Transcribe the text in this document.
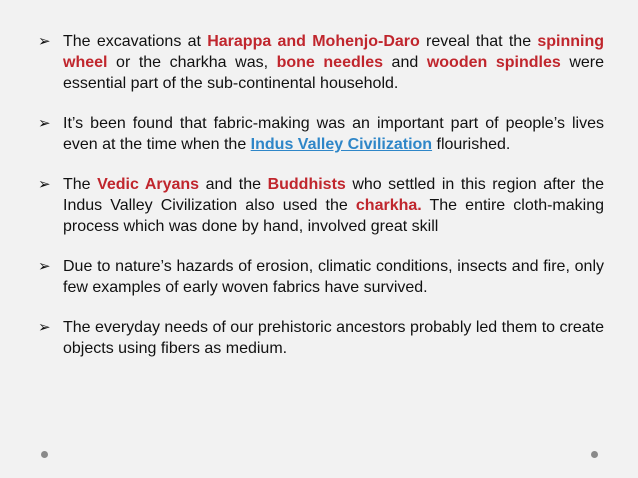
➢ The excavations at Harappa and Mohenjo-Daro reveal that the spinning wheel or the charkha was, bone needles and wooden spindles were essential part of the sub-continental household.
➢ It’s been found that fabric-making was an important part of people’s lives even at the time when the Indus Valley Civilization flourished.
➢ The Vedic Aryans and the Buddhists who settled in this region after the Indus Valley Civilization also used the charkha. The entire cloth-making process which was done by hand, involved great skill
➢ Due to nature’s hazards of erosion, climatic conditions, insects and fire, only few examples of early woven fabrics have survived.
➢ The everyday needs of our prehistoric ancestors probably led them to create objects using fibers as medium.
